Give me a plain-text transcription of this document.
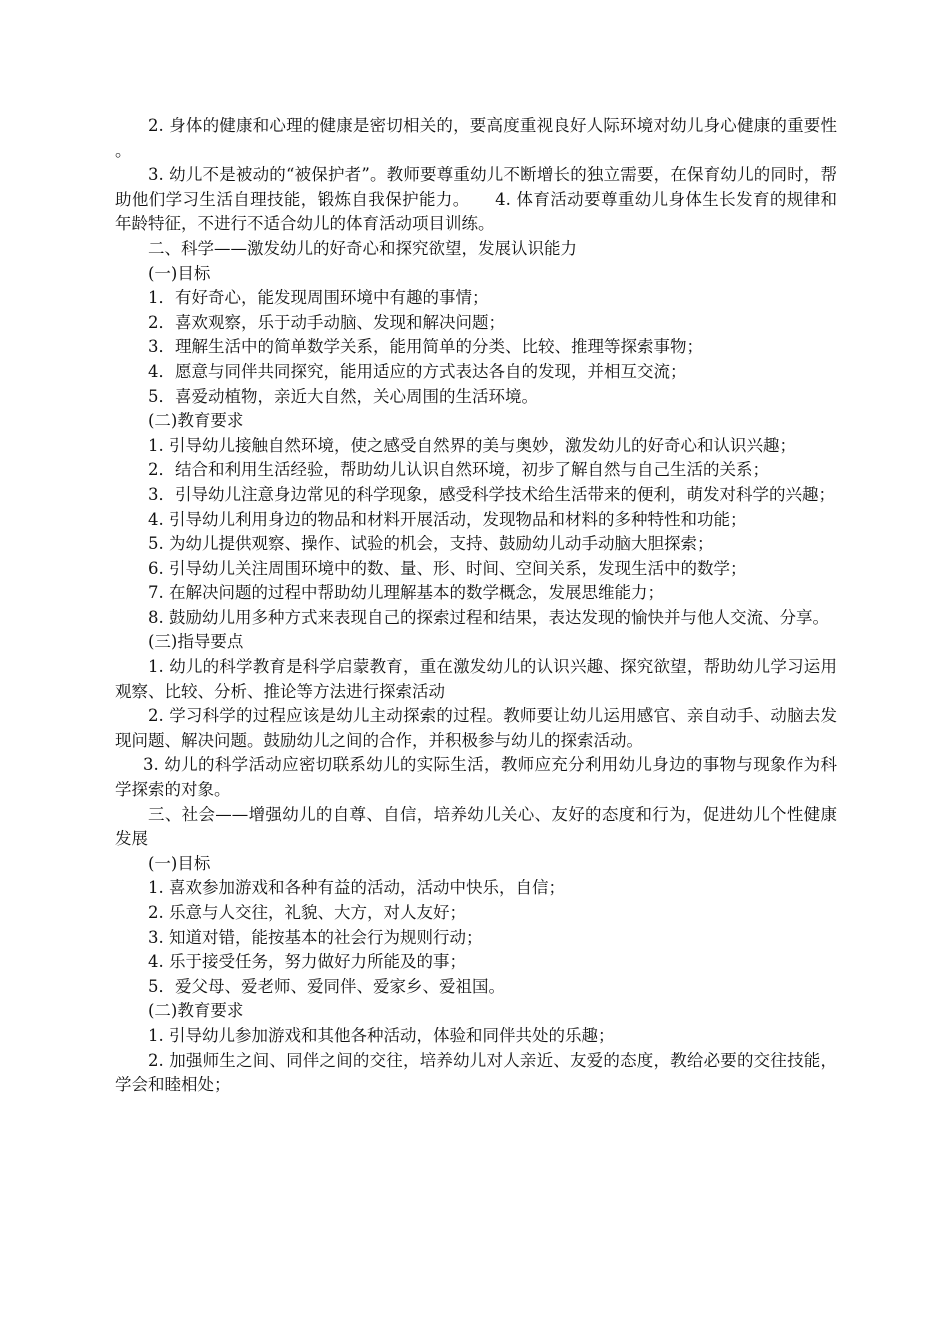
2. 身体的健康和心理的健康是密切相关的，要高度重视良好人际环境对幼儿身心健康的重要性。

3. 幼儿不是被动的“被保护者”。教师要尊重幼儿不断增长的独立需要，在保育幼儿的同时，帮助他们学习生活自理技能，锻炼自我保护能力。　　4. 体育活动要尊重幼儿身体生长发育的规律和年龄特征，不进行不适合幼儿的体育活动项目训练。

二、科学——激发幼儿的好奇心和探究欲望，发展认识能力

(一)目标

1．有好奇心，能发现周围环境中有趣的事情；

2．喜欢观察，乐于动手动脑、发现和解决问题；

3．理解生活中的简单数学关系，能用简单的分类、比较、推理等探索事物；

4．愿意与同伴共同探究，能用适应的方式表达各自的发现，并相互交流；

5．喜爱动植物，亲近大自然，关心周围的生活环境。

(二)教育要求

1. 引导幼儿接触自然环境，使之感受自然界的美与奥妙，激发幼儿的好奇心和认识兴趣；

2．结合和利用生活经验，帮助幼儿认识自然环境，初步了解自然与自己生活的关系；

3．引导幼儿注意身边常见的科学现象，感受科学技术给生活带来的便利，萌发对科学的兴趣；

4. 引导幼儿利用身边的物品和材料开展活动，发现物品和材料的多种特性和功能；

5. 为幼儿提供观察、操作、试验的机会，支持、鼓励幼儿动手动脑大胆探索；

6. 引导幼儿关注周围环境中的数、量、形、时间、空间关系，发现生活中的数学；

7. 在解决问题的过程中帮助幼儿理解基本的数学概念，发展思维能力；

8. 鼓励幼儿用多种方式来表现自己的探索过程和结果，表达发现的愉快并与他人交流、分享。

(三)指导要点

1. 幼儿的科学教育是科学启蒙教育，重在激发幼儿的认识兴趣、探究欲望，帮助幼儿学习运用观察、比较、分析、推论等方法进行探索活动

2. 学习科学的过程应该是幼儿主动探索的过程。教师要让幼儿运用感官、亲自动手、动脑去发现问题、解决问题。鼓励幼儿之间的合作，并积极参与幼儿的探索活动。

3. 幼儿的科学活动应密切联系幼儿的实际生活，教师应充分利用幼儿身边的事物与现象作为科学探索的对象。

三、社会——增强幼儿的自尊、自信，培养幼儿关心、友好的态度和行为，促进幼儿个性健康发展

(一)目标

1. 喜欢参加游戏和各种有益的活动，活动中快乐，自信；

2. 乐意与人交往，礼貌、大方，对人友好；

3. 知道对错，能按基本的社会行为规则行动；

4. 乐于接受任务，努力做好力所能及的事；

5．爱父母、爱老师、爱同伴、爱家乡、爱祖国。

(二)教育要求

1. 引导幼儿参加游戏和其他各种活动，体验和同伴共处的乐趣；

2. 加强师生之间、同伴之间的交往，培养幼儿对人亲近、友爱的态度，教给必要的交往技能，学会和睦相处；
